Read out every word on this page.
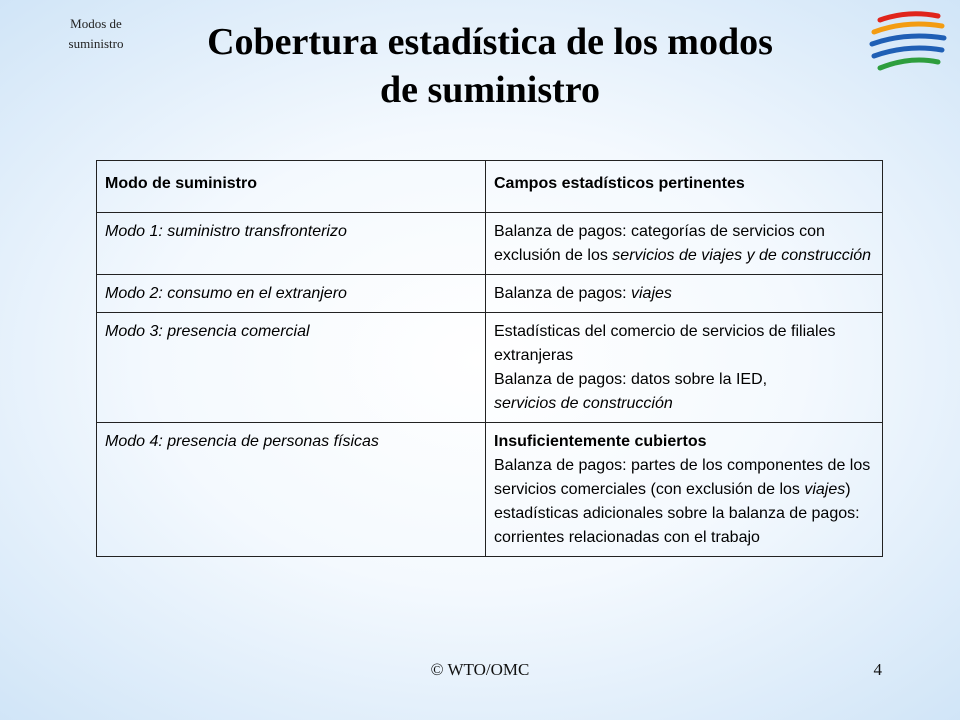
Modos de
suministro	Cobertura estadística de los modos
de suministro
Modo de suministro	Campos estadísticos pertinentes
Modo 1: suministro transfronterizo	Balanza de pagos: categorías de servicios con exclusión de los servicios de viajes y de construcción
Modo 2: consumo en el extranjero	Balanza de pagos: viajes
Modo 3: presencia comercial	Estadísticas del comercio de servicios de filiales extranjeras
Balanza de pagos: datos sobre la IED,
servicios de construcción

Modo 4: presencia de personas físicas	Insuficientemente cubiertos
Balanza de pagos: partes de los componentes de los servicios comerciales (con exclusión de los viajes)
estadísticas adicionales sobre la balanza de pagos: corrientes relacionadas con el trabajo
© WTO/OMC	4
